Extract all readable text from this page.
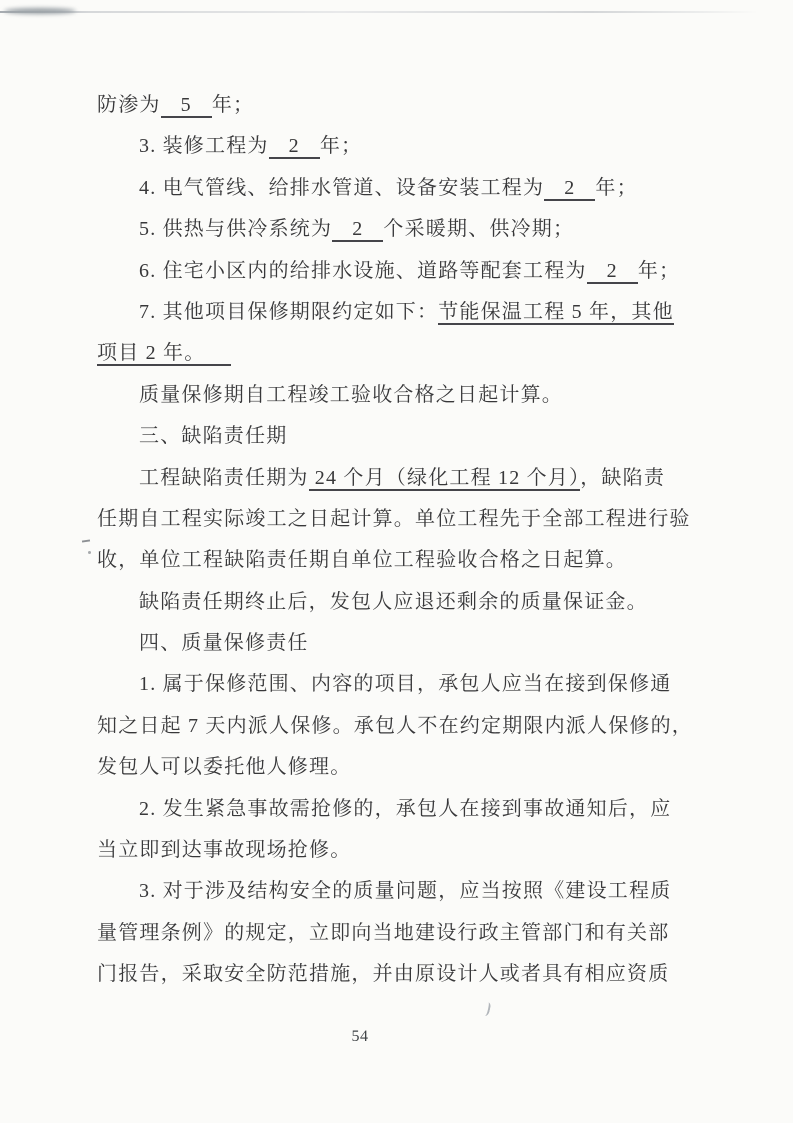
防渗为 5 年；
3. 装修工程为 2 年；
4. 电气管线、给排水管道、设备安装工程为 2 年；
5. 供热与供冷系统为 2 个采暖期、供冷期；
6. 住宅小区内的给排水设施、道路等配套工程为 2 年；
7. 其他项目保修期限约定如下：节能保温工程 5 年，其他
项目 2 年。
质量保修期自工程竣工验收合格之日起计算。
三、缺陷责任期
工程缺陷责任期为 24 个月（绿化工程 12 个月），缺陷责
任期自工程实际竣工之日起计算。单位工程先于全部工程进行验
收，单位工程缺陷责任期自单位工程验收合格之日起算。
缺陷责任期终止后，发包人应退还剩余的质量保证金。
四、质量保修责任
1. 属于保修范围、内容的项目，承包人应当在接到保修通
知之日起 7 天内派人保修。承包人不在约定期限内派人保修的，
发包人可以委托他人修理。
2. 发生紧急事故需抢修的，承包人在接到事故通知后，应
当立即到达事故现场抢修。
3. 对于涉及结构安全的质量问题，应当按照《建设工程质
量管理条例》的规定，立即向当地建设行政主管部门和有关部
门报告，采取安全防范措施，并由原设计人或者具有相应资质
54
